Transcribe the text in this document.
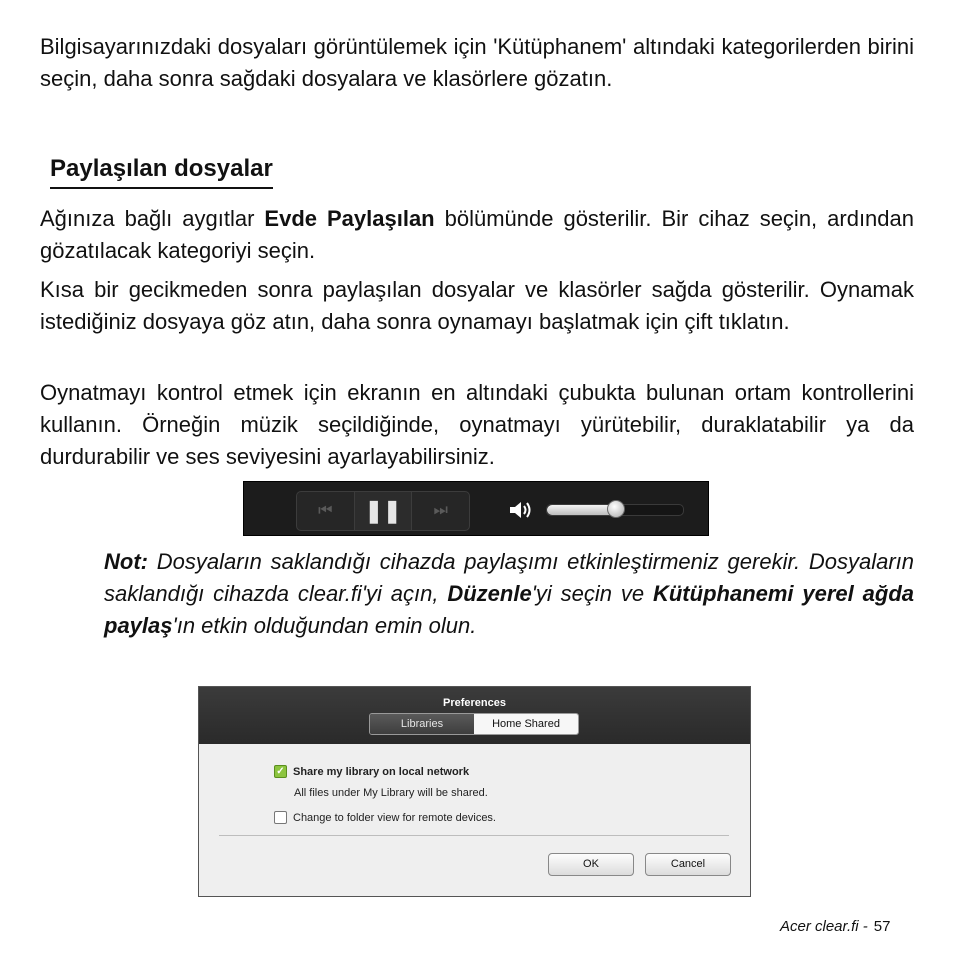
Bilgisayarınızdaki dosyaları görüntülemek için 'Kütüphanem' altındaki kategorilerden birini seçin, daha sonra sağdaki dosyalara ve klasörlere gözatın.

Paylaşılan dosyalar

Ağınıza bağlı aygıtlar Evde Paylaşılan bölümünde gösterilir. Bir cihaz seçin, ardından gözatılacak kategoriyi seçin.

Kısa bir gecikmeden sonra paylaşılan dosyalar ve klasörler sağda gösterilir. Oynamak istediğiniz dosyaya göz atın, daha sonra oynamayı başlatmak için çift tıklatın.

Oynatmayı kontrol etmek için ekranın en altındaki çubukta bulunan ortam kontrollerini kullanın. Örneğin müzik seçildiğinde, oynatmayı yürütebilir, duraklatabilir ya da durdurabilir ve ses seviyesini ayarlayabilirsiniz.

⏮ ❚❚ ⏭

Not: Dosyaların saklandığı cihazda paylaşımı etkinleştirmeniz gerekir. Dosyaların saklandığı cihazda clear.fi'yi açın, Düzenle'yi seçin ve Kütüphanemi yerel ağda paylaş'ın etkin olduğundan emin olun.

Preferences
Libraries	Home Shared
✓ Share my library on local network
All files under My Library will be shared.
Change to folder view for remote devices.
OK	Cancel
Acer clear.fi - 57
